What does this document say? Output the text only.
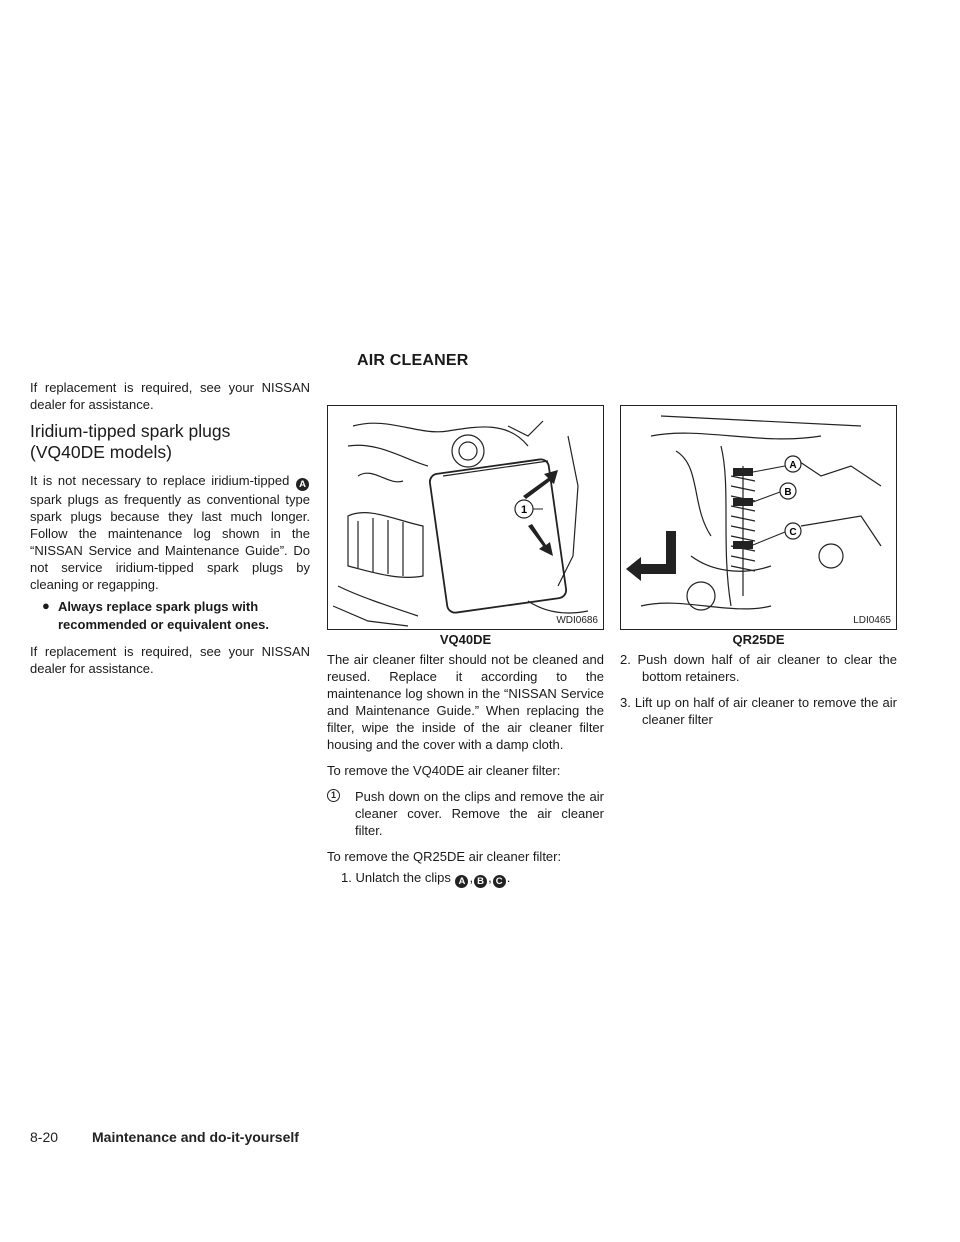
AIR CLEANER

If replacement is required, see your NISSAN dealer for assistance.

Iridium-tipped spark plugs (VQ40DE models)

It is not necessary to replace iridium-tipped A spark plugs as frequently as conventional type spark plugs because they last much longer. Follow the maintenance log shown in the “NISSAN Service and Maintenance Guide”. Do not service iridium-tipped spark plugs by cleaning or regapping.

● Always replace spark plugs with recommended or equivalent ones.

If replacement is required, see your NISSAN dealer for assistance.

1
WDI0686
VQ40DE
A
B
C
LDI0465
QR25DE

The air cleaner filter should not be cleaned and reused. Replace it according to the maintenance log shown in the “NISSAN Service and Maintenance Guide.” When replacing the filter, wipe the inside of the air cleaner filter housing and the cover with a damp cloth.

To remove the VQ40DE air cleaner filter:

1	Push down on the clips and remove the air cleaner cover. Remove the air cleaner filter.

To remove the QR25DE air cleaner filter:

1. Unlatch the clips A , B , C .

2. Push down half of air cleaner to clear the bottom retainers.

3. Lift up on half of air cleaner to remove the air cleaner filter

8-20 Maintenance and do-it-yourself
